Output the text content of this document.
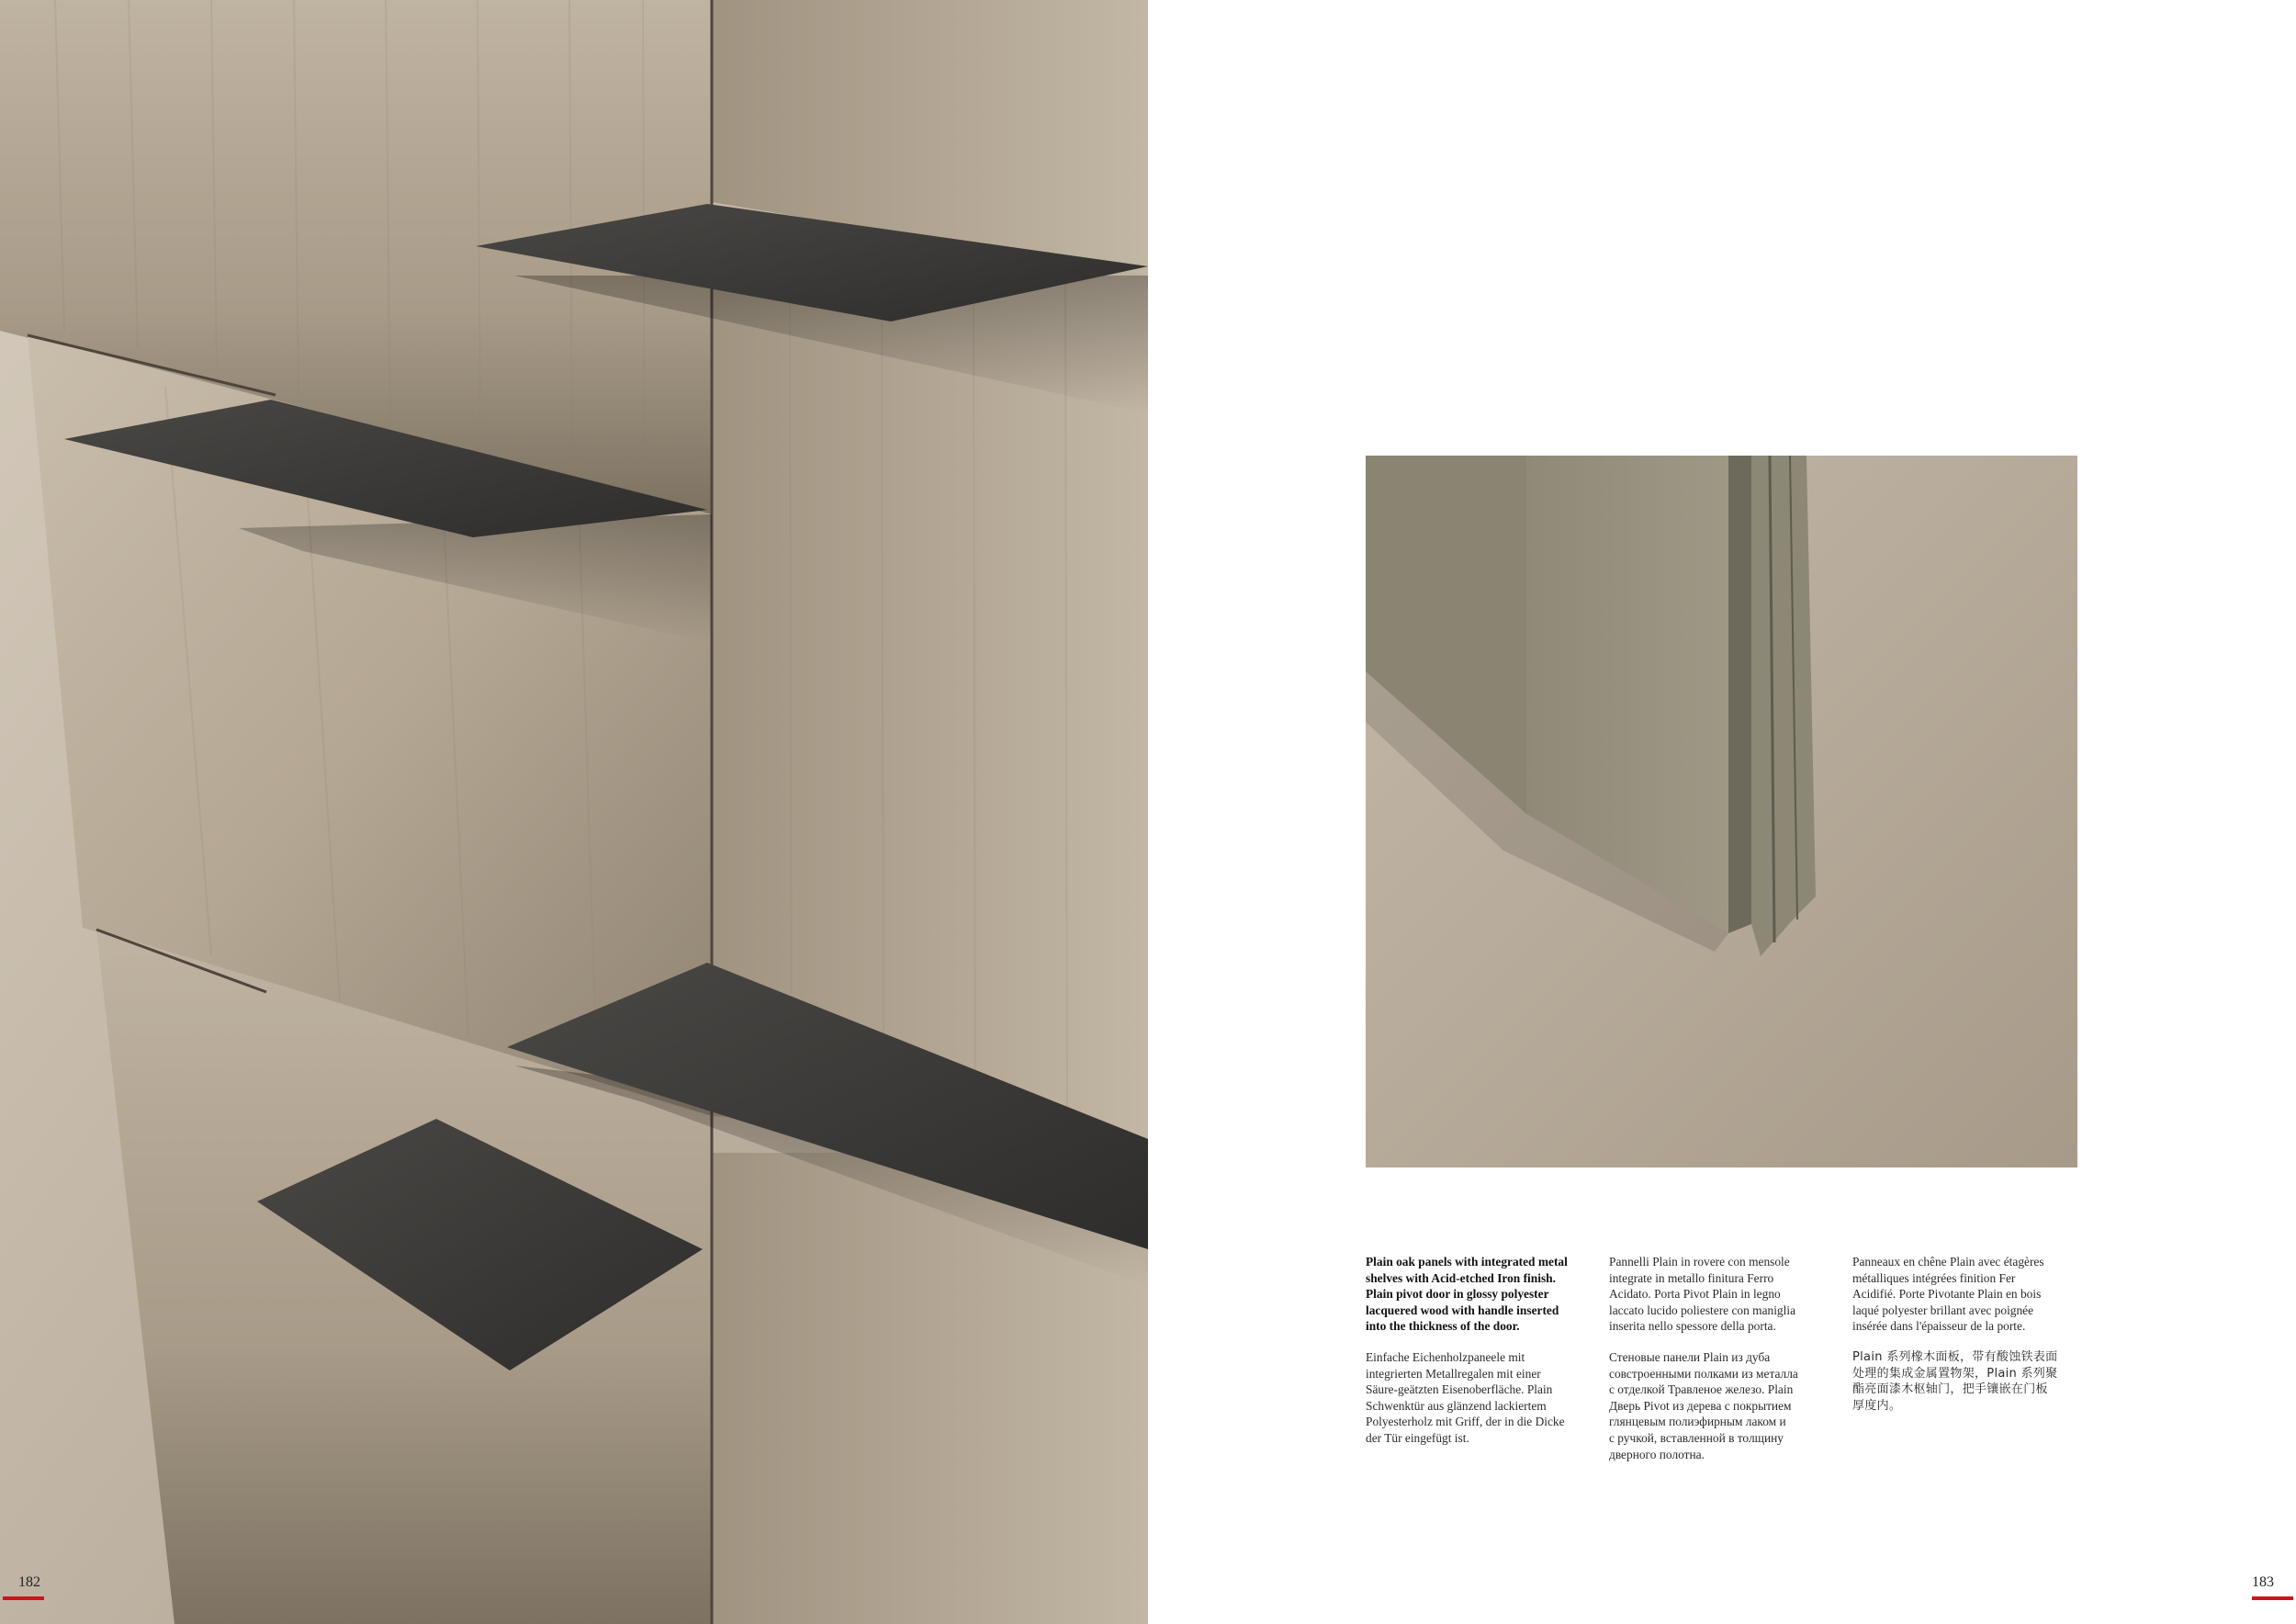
182

Plain oak panels with integrated metal
shelves with Acid-etched Iron finish.
Plain pivot door in glossy polyester
lacquered wood with handle inserted
into the thickness of the door.

Einfache Eichenholzpaneele mit
integrierten Metallregalen mit einer
Säure-geätzten Eisenoberfläche. Plain
Schwenktür aus glänzend lackiertem
Polyesterholz mit Griff, der in die Dicke
der Tür eingefügt ist.

Pannelli Plain in rovere con mensole
integrate in metallo finitura Ferro
Acidato. Porta Pivot Plain in legno
laccato lucido poliestere con maniglia
inserita nello spessore della porta.

Стеновые панели Plain из дуба
совстроенными полками из металла
с отделкой Травленое железо. Plain
Дверь Pivot из дерева с покрытием
глянцевым полиэфирным лаком и
с ручкой, вставленной в толщину
дверного полотна.

Panneaux en chêne Plain avec étagères
métalliques intégrées finition Fer
Acidifié. Porte Pivotante Plain en bois
laqué polyester brillant avec poignée
insérée dans l'épaisseur de la porte.

Plain 系列橡木面板，带有酸蚀铁表面
处理的集成金属置物架，Plain 系列聚
酯亮面漆木枢轴门，把手镶嵌在门板
厚度内。

183
